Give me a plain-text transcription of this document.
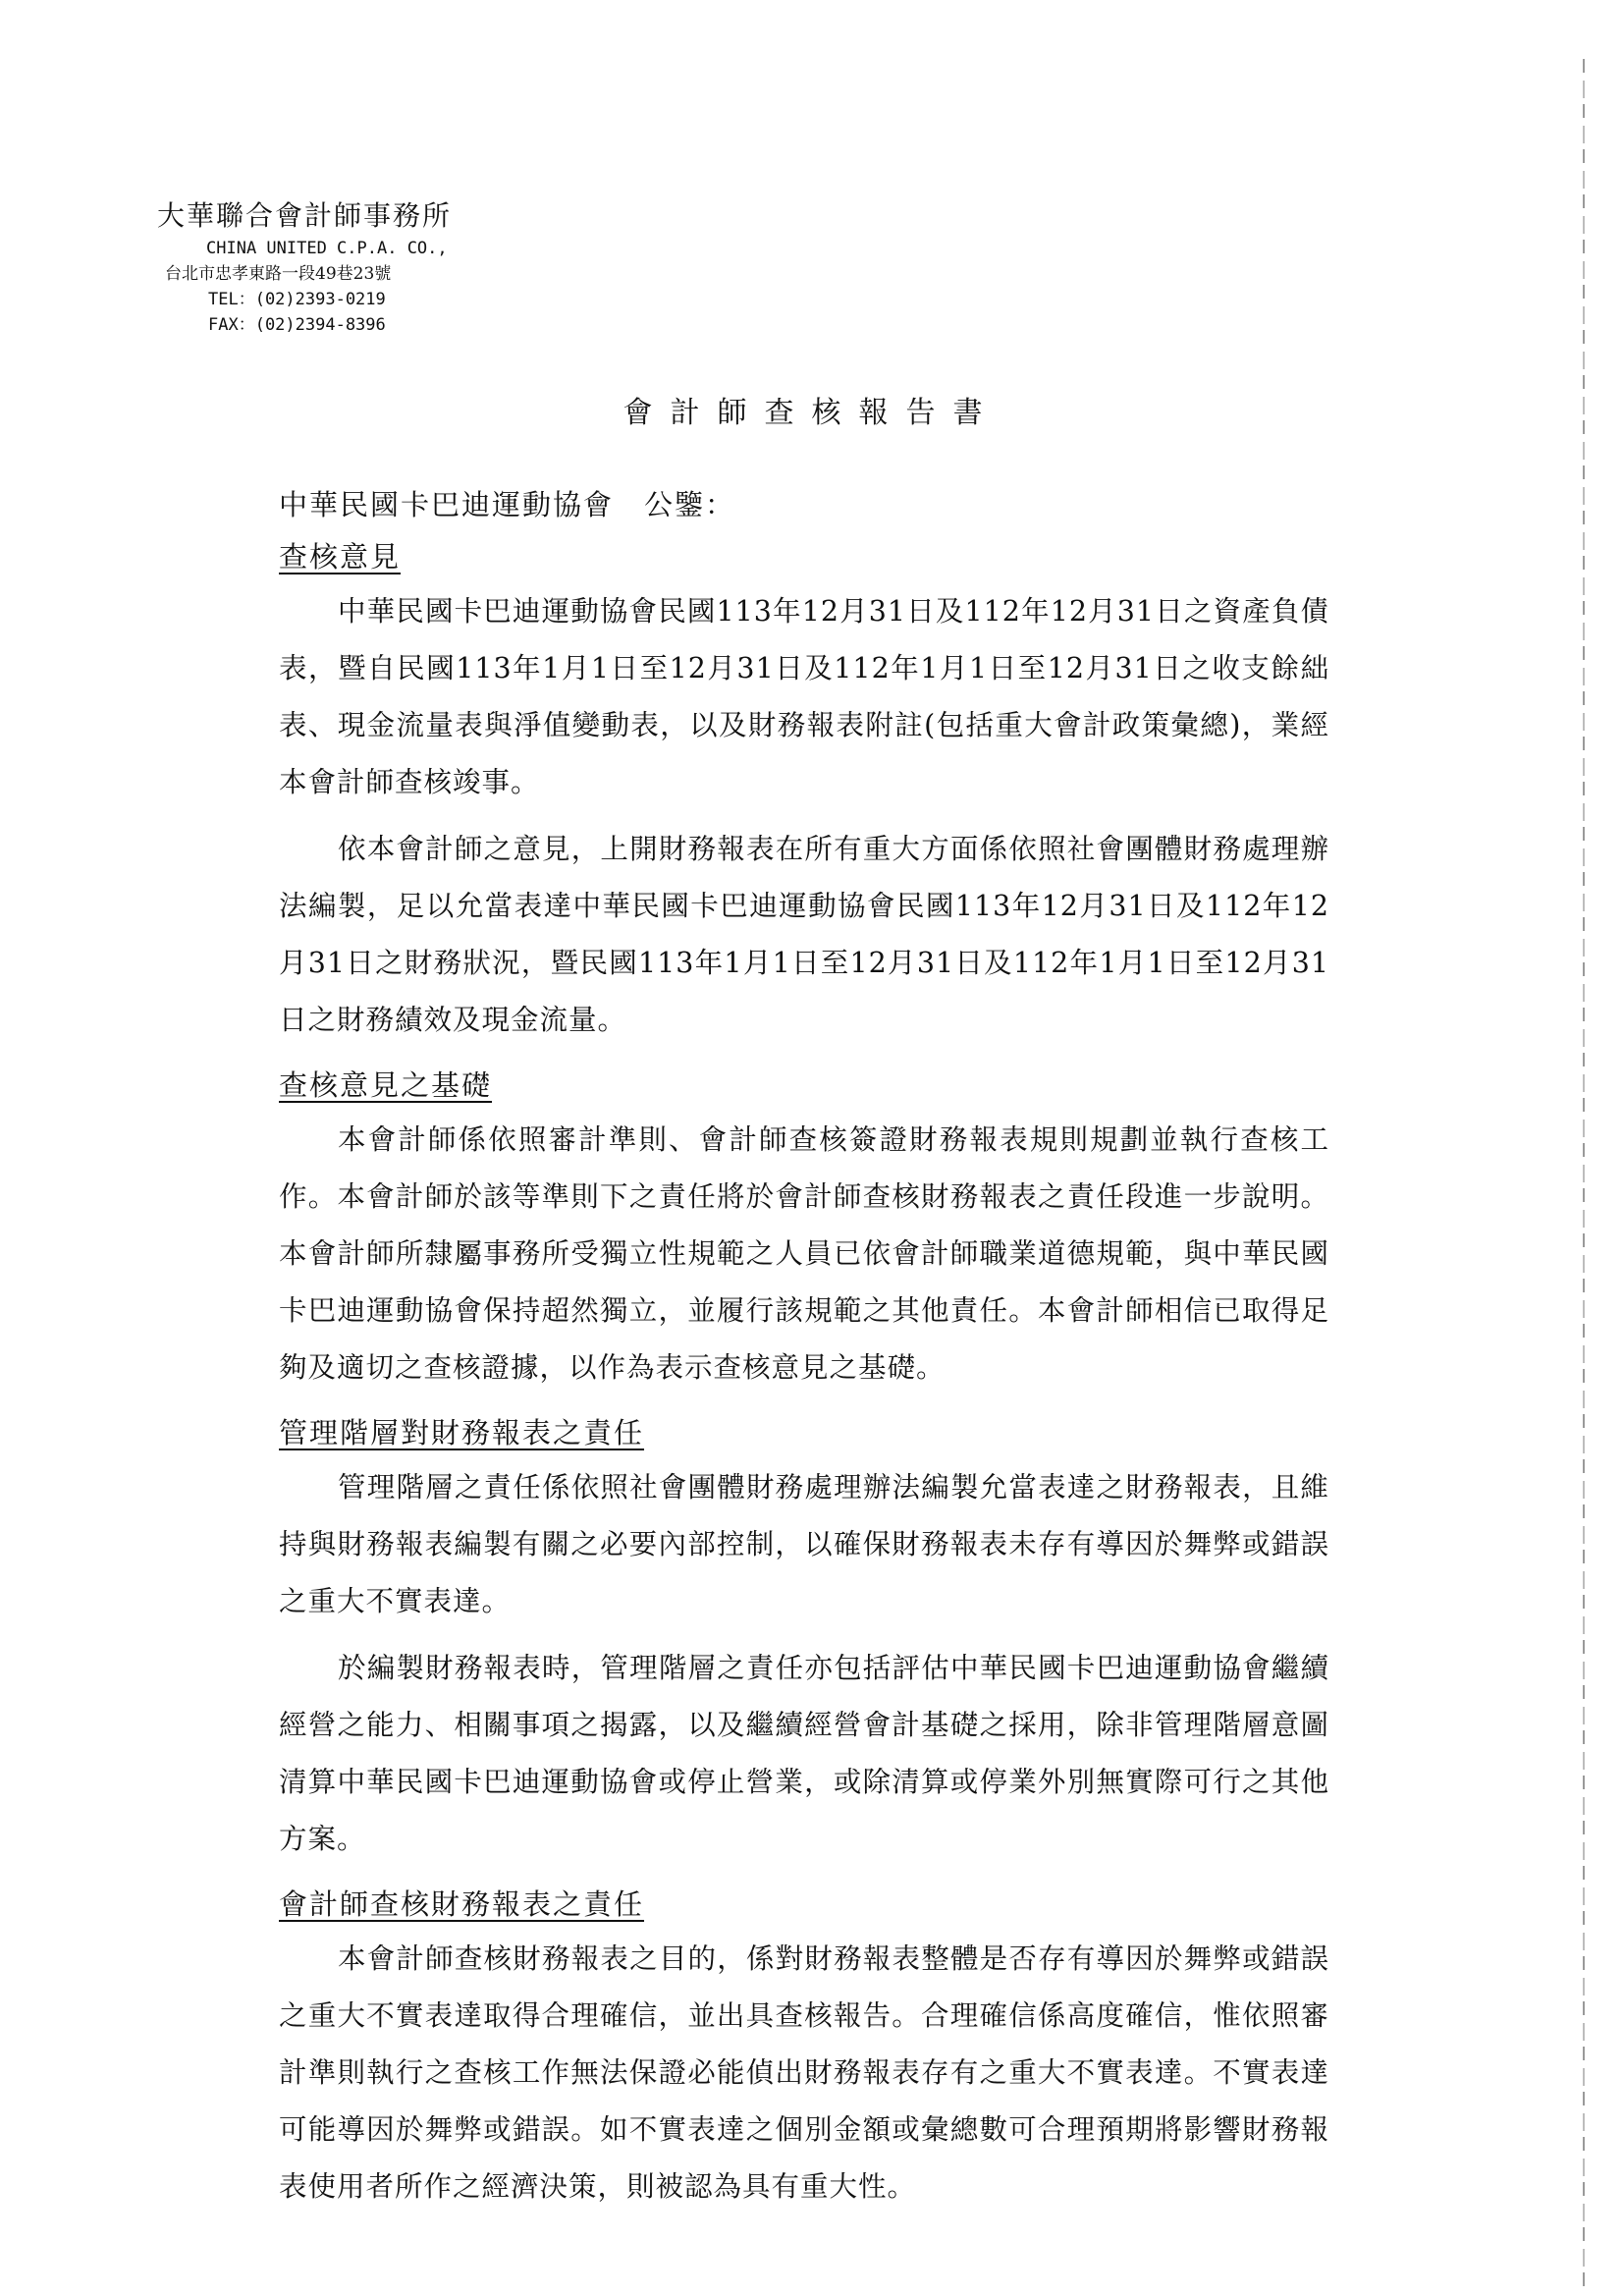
大華聯合會計師事務所
CHINA UNITED C.P.A. CO.,
台北市忠孝東路一段49巷23號
TEL：(02)2393-0219
FAX：(02)2394-8396
會計師查核報告書
中華民國卡巴迪運動協會　公鑒：
查核意見

中華民國卡巴迪運動協會民國113年12月31日及112年12月31日之資產負債表，暨自民國113年1月1日至12月31日及112年1月1日至12月31日之收支餘絀表、現金流量表與淨值變動表，以及財務報表附註(包括重大會計政策彙總)，業經本會計師查核竣事。

依本會計師之意見，上開財務報表在所有重大方面係依照社會團體財務處理辦法編製，足以允當表達中華民國卡巴迪運動協會民國113年12月31日及112年12月31日之財務狀況，暨民國113年1月1日至12月31日及112年1月1日至12月31日之財務績效及現金流量。

查核意見之基礎

本會計師係依照審計準則、會計師查核簽證財務報表規則規劃並執行查核工作。本會計師於該等準則下之責任將於會計師查核財務報表之責任段進一步說明。本會計師所隸屬事務所受獨立性規範之人員已依會計師職業道德規範，與中華民國卡巴迪運動協會保持超然獨立，並履行該規範之其他責任。本會計師相信已取得足夠及適切之查核證據，以作為表示查核意見之基礎。

管理階層對財務報表之責任

管理階層之責任係依照社會團體財務處理辦法編製允當表達之財務報表，且維持與財務報表編製有關之必要內部控制，以確保財務報表未存有導因於舞弊或錯誤之重大不實表達。

於編製財務報表時，管理階層之責任亦包括評估中華民國卡巴迪運動協會繼續經營之能力、相關事項之揭露，以及繼續經營會計基礎之採用，除非管理階層意圖清算中華民國卡巴迪運動協會或停止營業，或除清算或停業外別無實際可行之其他方案。

會計師查核財務報表之責任

本會計師查核財務報表之目的，係對財務報表整體是否存有導因於舞弊或錯誤之重大不實表達取得合理確信，並出具查核報告。合理確信係高度確信，惟依照審計準則執行之查核工作無法保證必能偵出財務報表存有之重大不實表達。不實表達可能導因於舞弊或錯誤。如不實表達之個別金額或彙總數可合理預期將影響財務報表使用者所作之經濟決策，則被認為具有重大性。
